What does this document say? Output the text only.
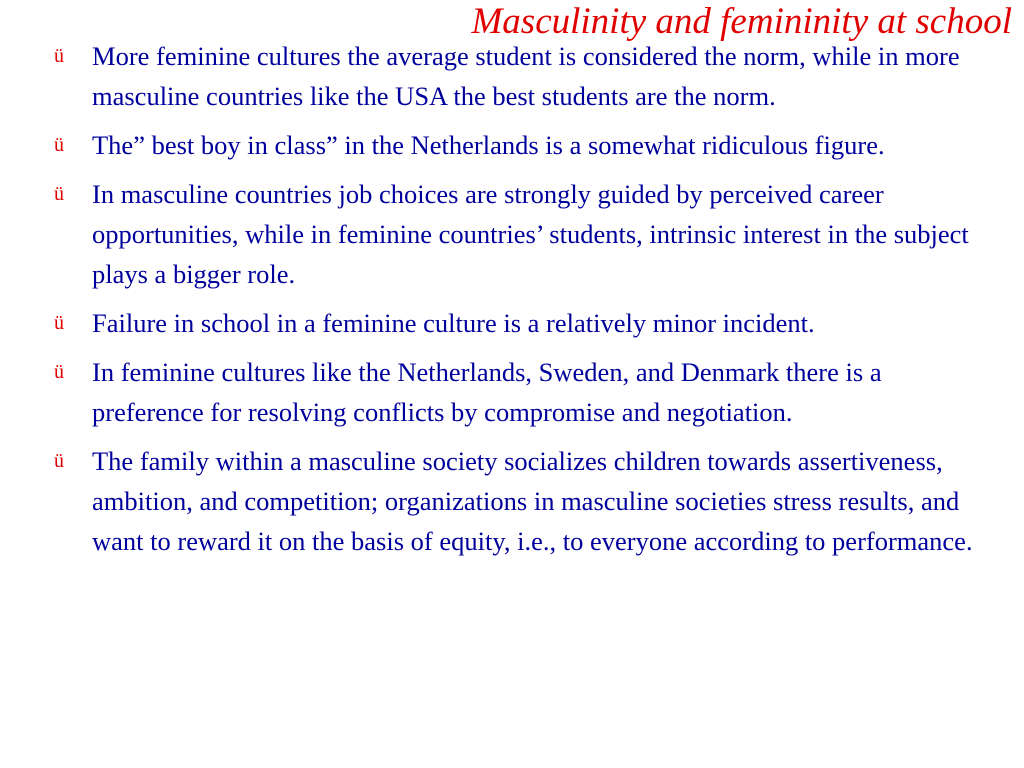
Masculinity and femininity at school
ü More feminine cultures the average student is considered the norm, while in more masculine countries like the USA the best students are the norm.
ü The” best boy in class” in the Netherlands is a somewhat ridiculous figure.
ü In masculine countries job choices are strongly guided by perceived career opportunities, while in feminine countries’ students, intrinsic interest in the subject plays a bigger role.
ü Failure in school in a feminine culture is a relatively minor incident.
ü In feminine cultures like the Netherlands, Sweden, and Denmark there is a preference for resolving conflicts by compromise and negotiation.
ü The family within a masculine society socializes children towards assertiveness, ambition, and competition; organizations in masculine societies stress results, and want to reward it on the basis of equity, i.e., to everyone according to performance.
